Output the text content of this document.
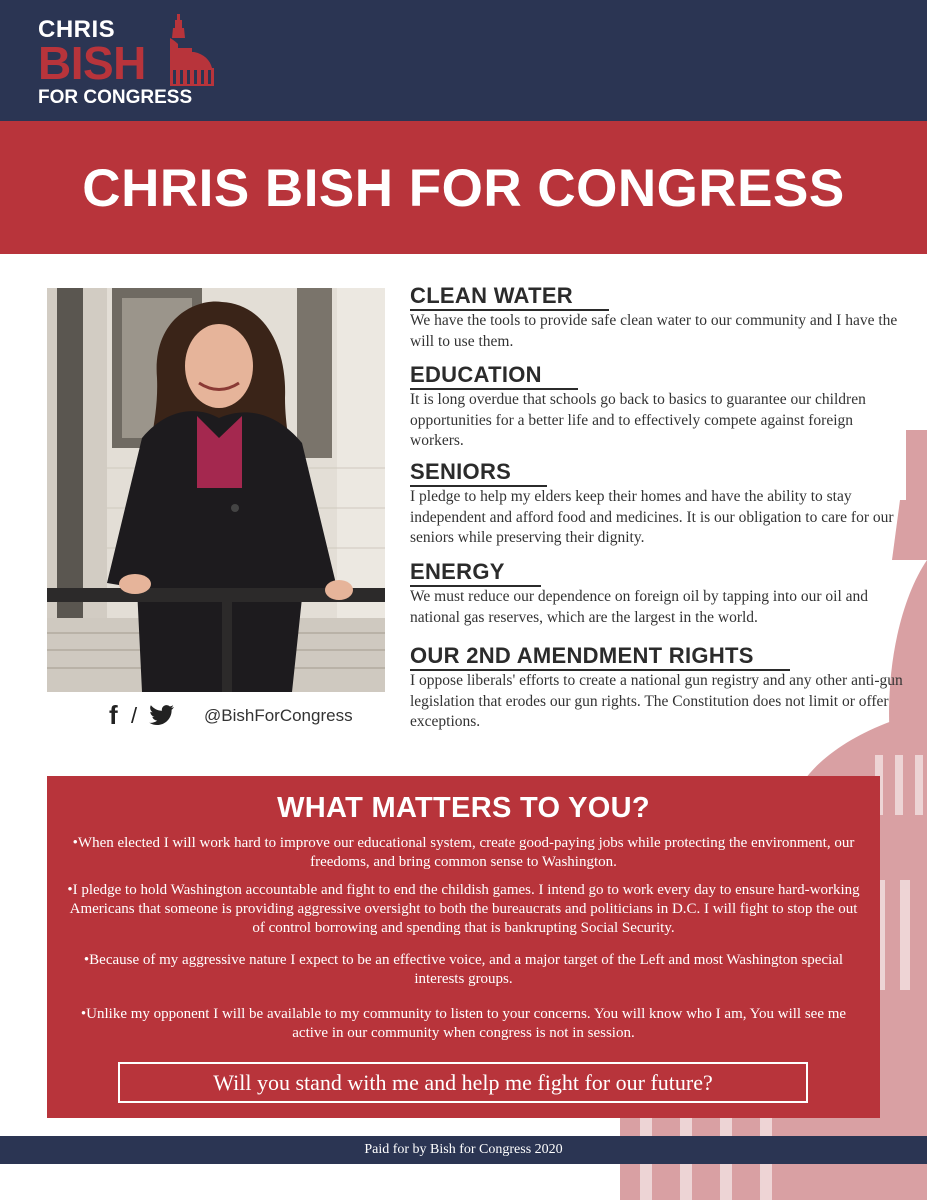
CHRIS
BISH
FOR CONGRESS
CHRIS BISH FOR CONGRESS
f /	@BishForCongress
CLEAN WATER

We have the tools to provide safe clean water to our community and I have the will to use them.

EDUCATION

It is long overdue that schools go back to basics to guarantee our children opportunities for a better life and to effectively compete against foreign workers.

SENIORS

I pledge to help my elders keep their homes and have the ability to stay independent and afford food and medicines. It is our obligation to care for our seniors while preserving their dignity.

ENERGY

We must reduce our dependence on foreign oil by tapping into our oil and national gas reserves, which are the largest in the world.

OUR 2ND AMENDMENT RIGHTS

I oppose liberals' efforts to create a national gun registry and any other anti-gun legislation that erodes our gun rights. The Constitution does not limit or offer exceptions.

WHAT MATTERS TO YOU?
•When elected I will work hard to improve our educational system, create good-paying jobs while protecting the environment, our freedoms, and bring common sense to Washington.
•I pledge to hold Washington accountable and fight to end the childish games. I intend go to work every day to ensure hard-working Americans that someone is providing aggressive oversight to both the bureaucrats and politicians in D.C. I will fight to stop the out of control borrowing and spending that is bankrupting Social Security.
•Because of my aggressive nature I expect to be an effective voice, and a major target of the Left and most Washington special interests groups.
•Unlike my opponent I will be available to my community to listen to your concerns. You will know who I am, You will see me active in our community when congress is not in session.
Will you stand with me and help me fight for our future?
Paid for by Bish for Congress 2020
